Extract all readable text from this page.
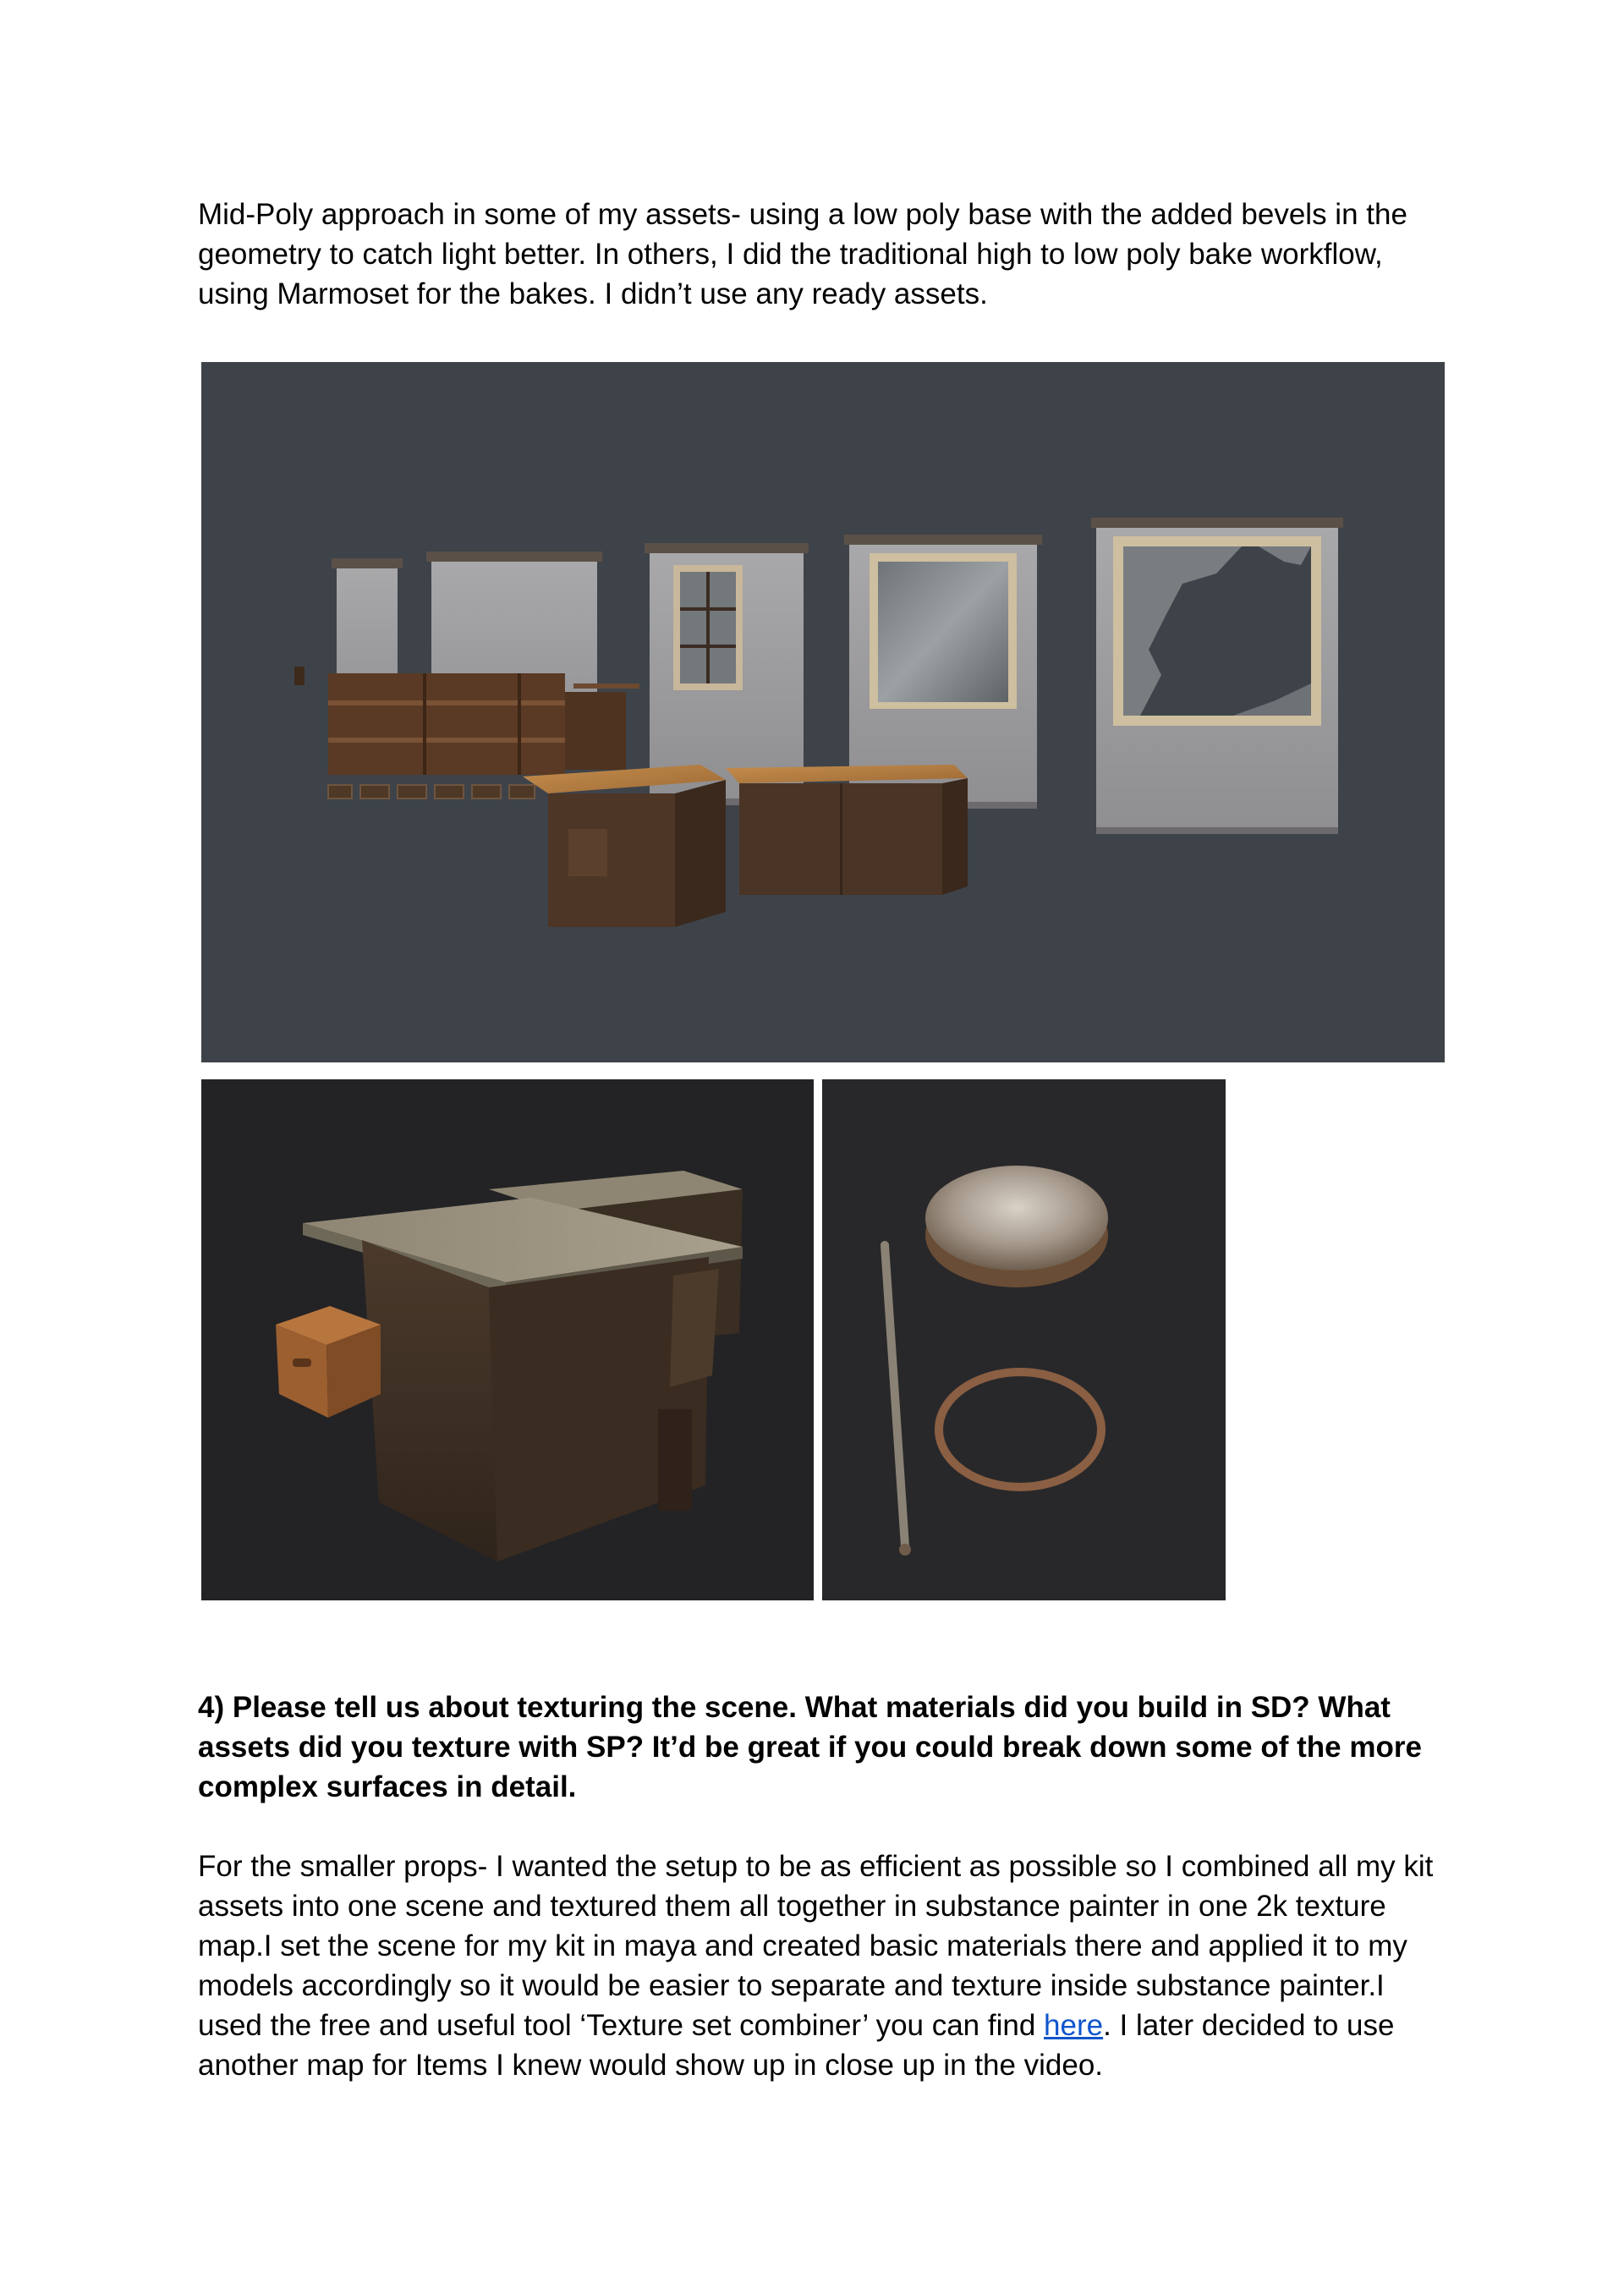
Mid-Poly approach in some of my assets- using a low poly base with the added bevels in the geometry to catch light better. In others, I did the traditional high to low poly bake workflow, using Marmoset for the bakes. I didn’t use any ready assets.

4) Please tell us about texturing the scene. What materials did you build in SD? What assets did you texture with SP? It’d be great if you could break down some of the more complex surfaces in detail.

For the smaller props- I wanted the setup to be as efficient as possible so I combined all my kit assets into one scene and textured them all together in substance painter in one 2k texture map.I set the scene for my kit in maya and created basic materials there and applied it to my models accordingly so it would be easier to separate and texture inside substance painter.I used the free and useful tool ‘Texture set combiner’ you can find here. I later decided to use another map for Items I knew would show up in close up in the video.
